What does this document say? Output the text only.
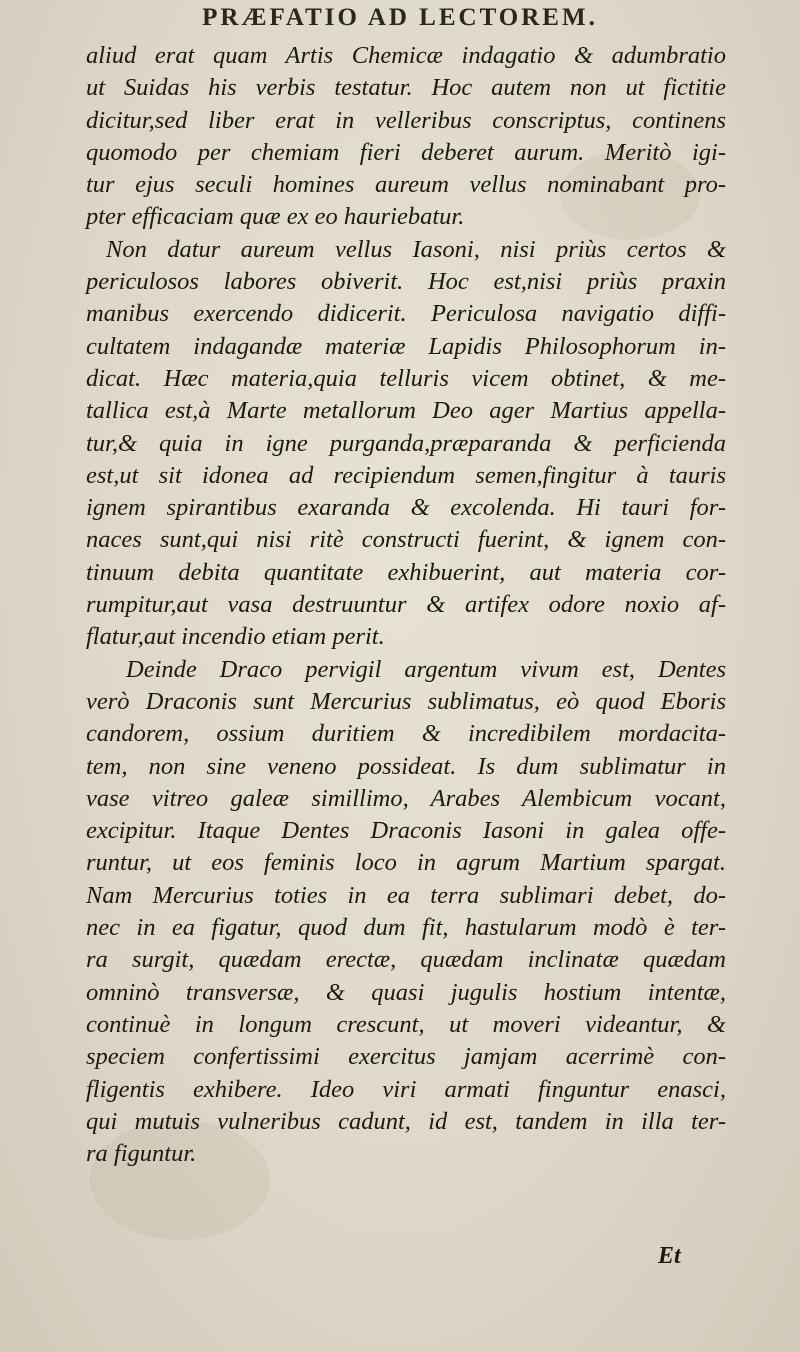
PRÆFATIO AD LECTOREM.
aliud erat quam Artis Chemicæ indagatio & adumbratio
ut Suidas his verbis testatur. Hoc autem non ut fictitie
dicitur,sed liber erat in velleribus conscriptus, continens
quomodo per chemiam fieri deberet aurum. Meritò igi-
tur ejus seculi homines aureum vellus nominabant pro-
pter efficaciam quæ ex eo hauriebatur.
Non datur aureum vellus Iasoni, nisi priùs certos &
periculosos labores obiverit. Hoc est,nisi priùs praxin
manibus exercendo didicerit. Periculosa navigatio diffi-
cultatem indagandæ materiæ Lapidis Philosophorum in-
dicat. Hæc materia,quia telluris vicem obtinet, & me-
tallica est,à Marte metallorum Deo ager Martius appella-
tur,& quia in igne purganda,præparanda & perficienda
est,ut sit idonea ad recipiendum semen,fingitur à tauris
ignem spirantibus exaranda & excolenda. Hi tauri for-
naces sunt,qui nisi ritè constructi fuerint, & ignem con-
tinuum debita quantitate exhibuerint, aut materia cor-
rumpitur,aut vasa destruuntur & artifex odore noxio af-
flatur,aut incendio etiam perit.
Deinde Draco pervigil argentum vivum est, Dentes
verò Draconis sunt Mercurius sublimatus, eò quod Eboris
candorem, ossium duritiem & incredibilem mordacita-
tem, non sine veneno possideat. Is dum sublimatur in
vase vitreo galeæ simillimo, Arabes Alembicum vocant,
excipitur. Itaque Dentes Draconis Iasoni in galea offe-
runtur, ut eos feminis loco in agrum Martium spargat.
Nam Mercurius toties in ea terra sublimari debet, do-
nec in ea figatur, quod dum fit, hastularum modò è ter-
ra surgit, quædam erectæ, quædam inclinatæ quædam
omninò transversæ, & quasi jugulis hostium intentæ,
continuè in longum crescunt, ut moveri videantur, &
speciem confertissimi exercitus jamjam acerrimè con-
fligentis exhibere. Ideo viri armati finguntur enasci,
qui mutuis vulneribus cadunt, id est, tandem in illa ter-
ra figuntur.
Et
